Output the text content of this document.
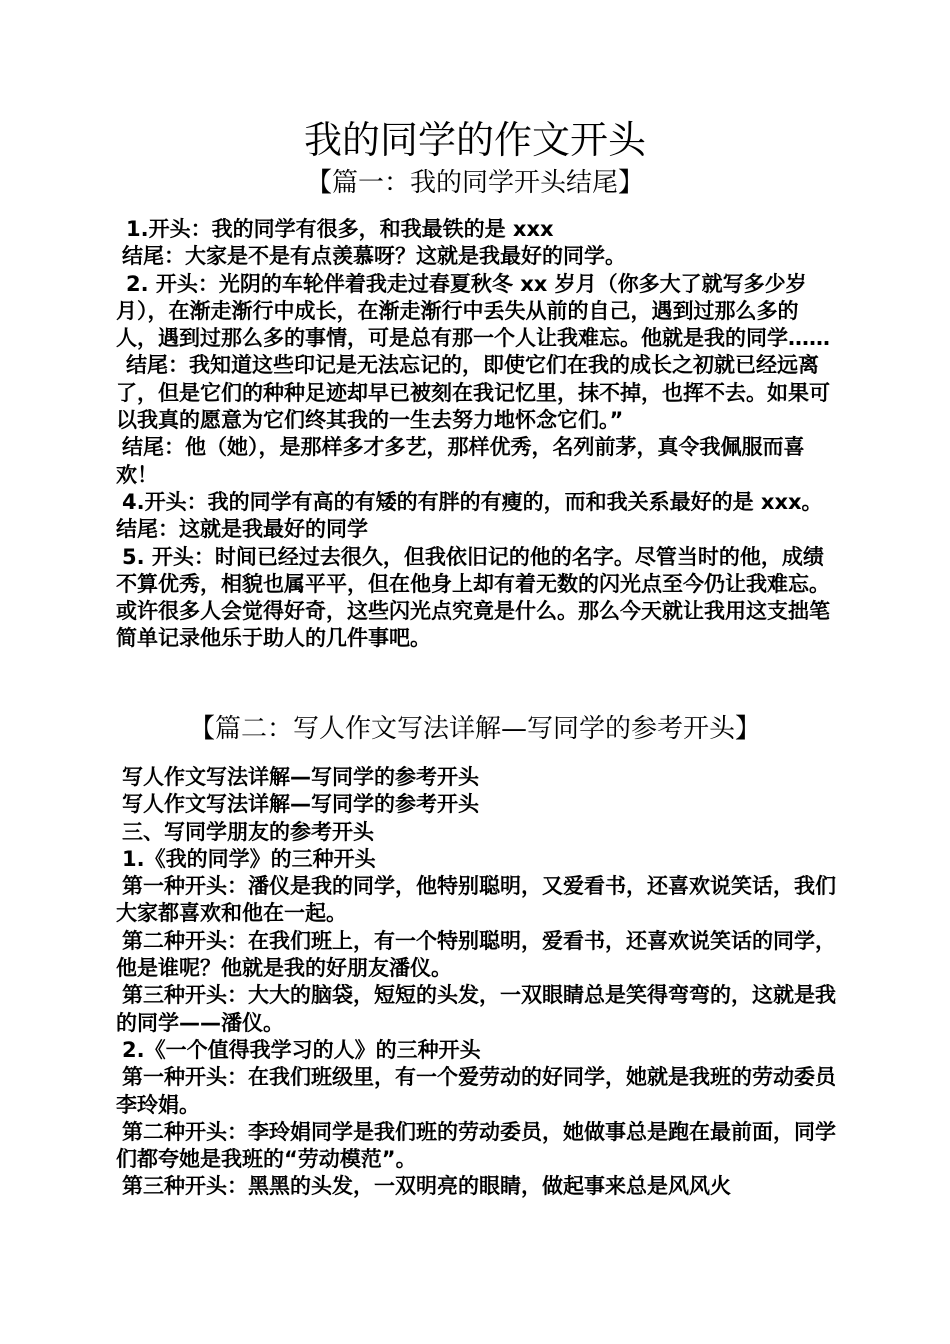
我的同学的作文开头
【篇一：我的同学开头结尾】

1.开头：我的同学有很多，和我最铁的是 xxx

结尾：大家是不是有点羡慕呀？这就是我最好的同学。

2. 开头：光阴的车轮伴着我走过春夏秋冬 xx 岁月（你多大了就写多少岁月），在渐走渐行中成长，在渐走渐行中丢失从前的自己，遇到过那么多的人，遇到过那么多的事情，可是总有那一个人让我难忘。他就是我的同学……

结尾：我知道这些印记是无法忘记的，即使它们在我的成长之初就已经远离了，但是它们的种种足迹却早已被刻在我记忆里，抹不掉，也挥不去。如果可以我真的愿意为它们终其我的一生去努力地怀念它们。”

结尾：他（她），是那样多才多艺，那样优秀，名列前茅，真令我佩服而喜欢！

4.开头：我的同学有高的有矮的有胖的有瘦的，而和我关系最好的是 xxx。 结尾：这就是我最好的同学

5. 开头：时间已经过去很久，但我依旧记的他的名字。尽管当时的他，成绩不算优秀，相貌也属平平，但在他身上却有着无数的闪光点至今仍让我难忘。或许很多人会觉得好奇，这些闪光点究竟是什么。那么今天就让我用这支拙笔简单记录他乐于助人的几件事吧。

【篇二：写人作文写法详解—写同学的参考开头】

写人作文写法详解—写同学的参考开头

写人作文写法详解—写同学的参考开头

三、写同学朋友的参考开头

1.《我的同学》的三种开头

第一种开头：潘仪是我的同学，他特别聪明，又爱看书，还喜欢说笑话，我们大家都喜欢和他在一起。

第二种开头：在我们班上，有一个特别聪明，爱看书，还喜欢说笑话的同学，他是谁呢？他就是我的好朋友潘仪。

第三种开头：大大的脑袋，短短的头发，一双眼睛总是笑得弯弯的，这就是我的同学——潘仪。

2.《一个值得我学习的人》的三种开头

第一种开头：在我们班级里，有一个爱劳动的好同学，她就是我班的劳动委员李玲娟。

第二种开头：李玲娟同学是我们班的劳动委员，她做事总是跑在最前面，同学们都夸她是我班的“劳动模范”。

第三种开头：黑黑的头发，一双明亮的眼睛，做起事来总是风风火
